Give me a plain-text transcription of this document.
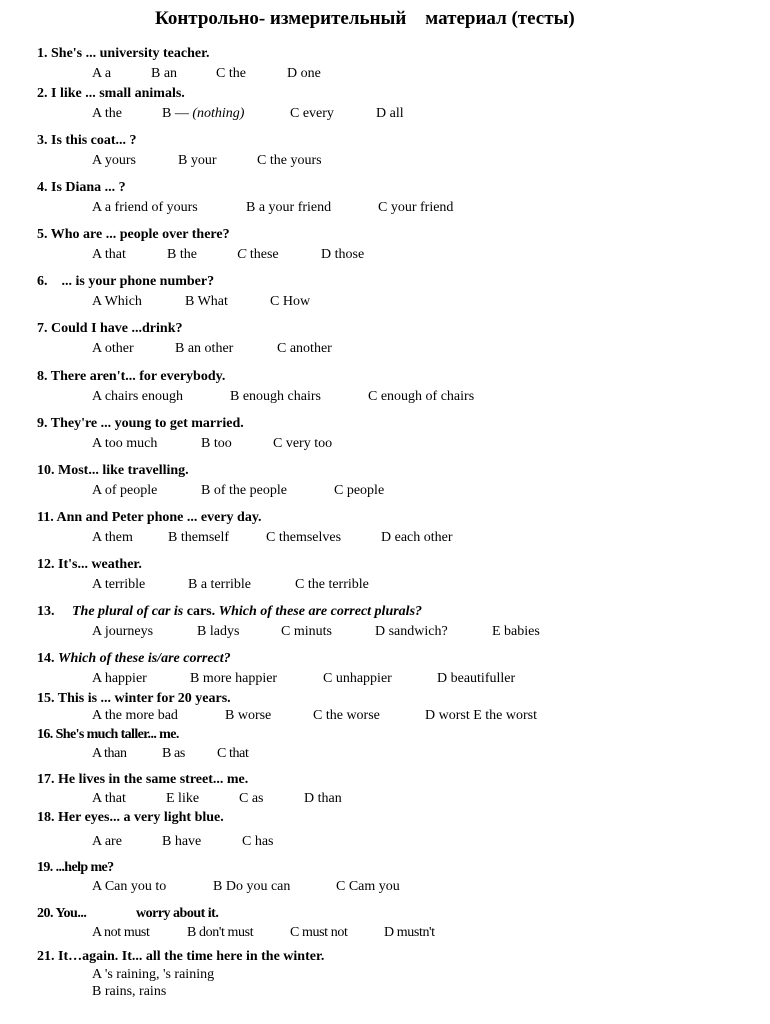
Контрольно- измерительный    материал (тесты)
1. She's ... university teacher.
A a	B an	C the	D one
2. I like ... small animals.
A the	B — (nothing)	C every	D all
3. Is this coat... ?
A yours	B your	C the yours
4. Is Diana ... ?
A a friend of yours	B a your friend	C your friend
5. Who are ... people over there?
A that	B the	C these	D those
6.    ... is your phone number?
A Which	B What	C How
7. Could I have ...drink?
A other	B an other	C another
8. There aren't... for everybody.
A chairs enough	B enough chairs	C enough of chairs
9. They're ... young to get married.
A too much	B too	C very too
10. Most... like travelling.
A of people	B of the people	C people
11. Ann and Peter phone ... every day.
A them	B themself	C themselves	D each other
12. It's... weather.
A terrible	B a terrible	C the terrible
13. The plural of car is cars. Which of these are correct plurals?
A journeys	B ladys	C minuts	D sandwich?	E babies
14. Which of these is/are correct?
A happier	B more happier	C unhappier	D beautifuller
15. This is ... winter for 20 years.
A the more bad	B worse	C the worse	D worst E the worst
16. She's much taller... me.
A than	B as C that
17. He lives in the same street... me.
A that	E like	C as	D than
18. Her eyes... a very light blue.
A are	B have	C has
19. ...help me?
A Can you to	B Do you can	C Cam you
20. You...	worry about it.
A not must	B don't must	C must not	D mustn't
21. It…again. It... all the time here in the winter.
A 's raining, 's raining
B rains, rains
